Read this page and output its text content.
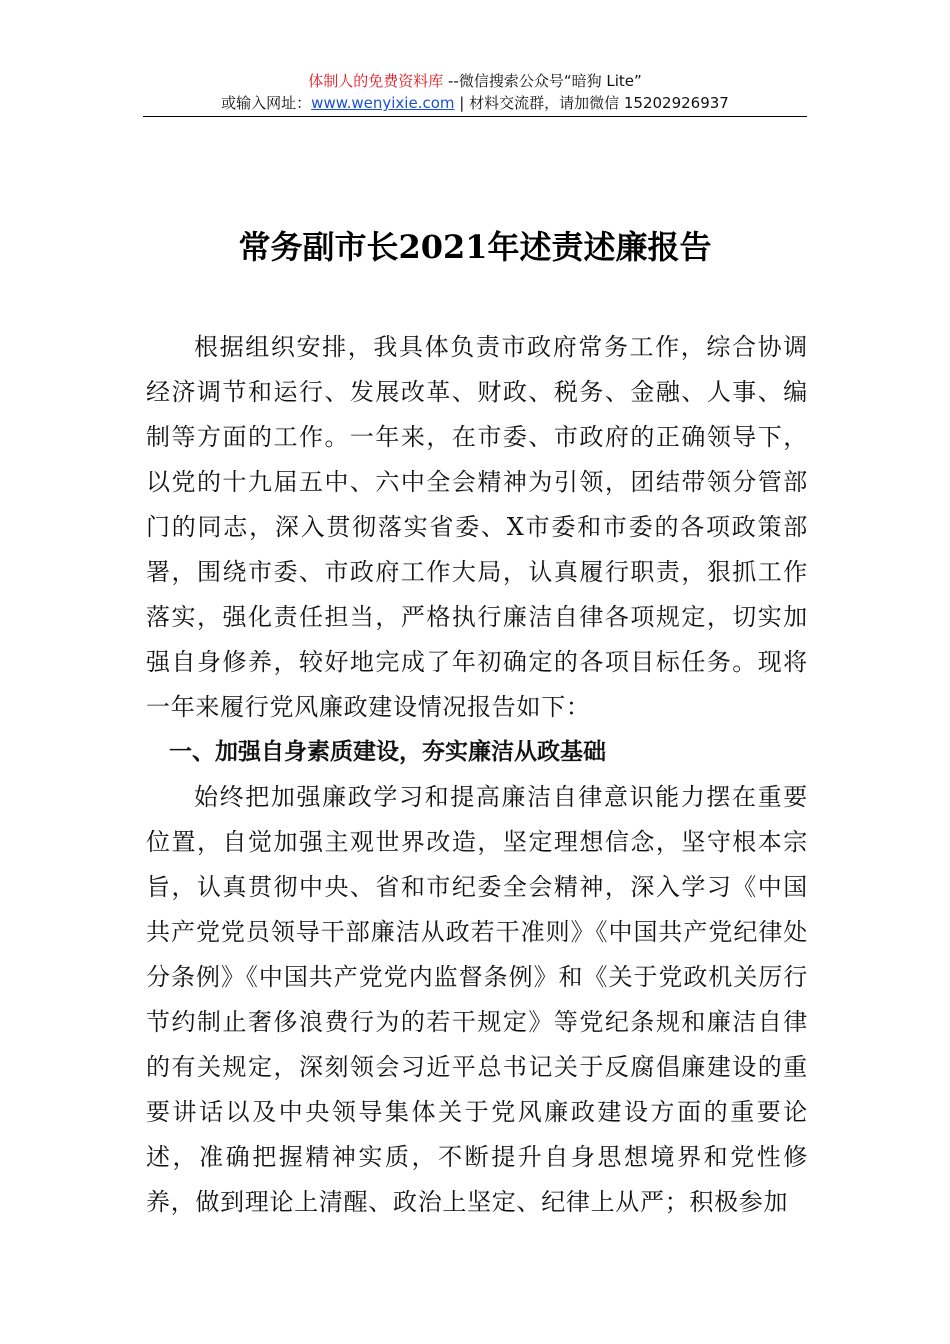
体制人的免费资料库 --微信搜索公众号“暗狗 Lite”
或输入网址：www.wenyixie.com | 材料交流群，请加微信 15202926937
常务副市长2021年述责述廉报告

根据组织安排，我具体负责市政府常务工作，综合协调经济调节和运行、发展改革、财政、税务、金融、人事、编制等方面的工作。一年来，在市委、市政府的正确领导下，以党的十九届五中、六中全会精神为引领，团结带领分管部门的同志，深入贯彻落实省委、X市委和市委的各项政策部署，围绕市委、市政府工作大局，认真履行职责，狠抓工作落实，强化责任担当，严格执行廉洁自律各项规定，切实加强自身修养，较好地完成了年初确定的各项目标任务。现将一年来履行党风廉政建设情况报告如下：

一、加强自身素质建设，夯实廉洁从政基础

始终把加强廉政学习和提高廉洁自律意识能力摆在重要位置，自觉加强主观世界改造，坚定理想信念，坚守根本宗旨，认真贯彻中央、省和市纪委全会精神，深入学习《中国共产党党员领导干部廉洁从政若干准则》《中国共产党纪律处分条例》《中国共产党党内监督条例》和《关于党政机关厉行节约制止奢侈浪费行为的若干规定》等党纪条规和廉洁自律的有关规定，深刻领会习近平总书记关于反腐倡廉建设的重要讲话以及中央领导集体关于党风廉政建设方面的重要论述，准确把握精神实质，不断提升自身思想境界和党性修养，做到理论上清醒、政治上坚定、纪律上从严；积极参加
